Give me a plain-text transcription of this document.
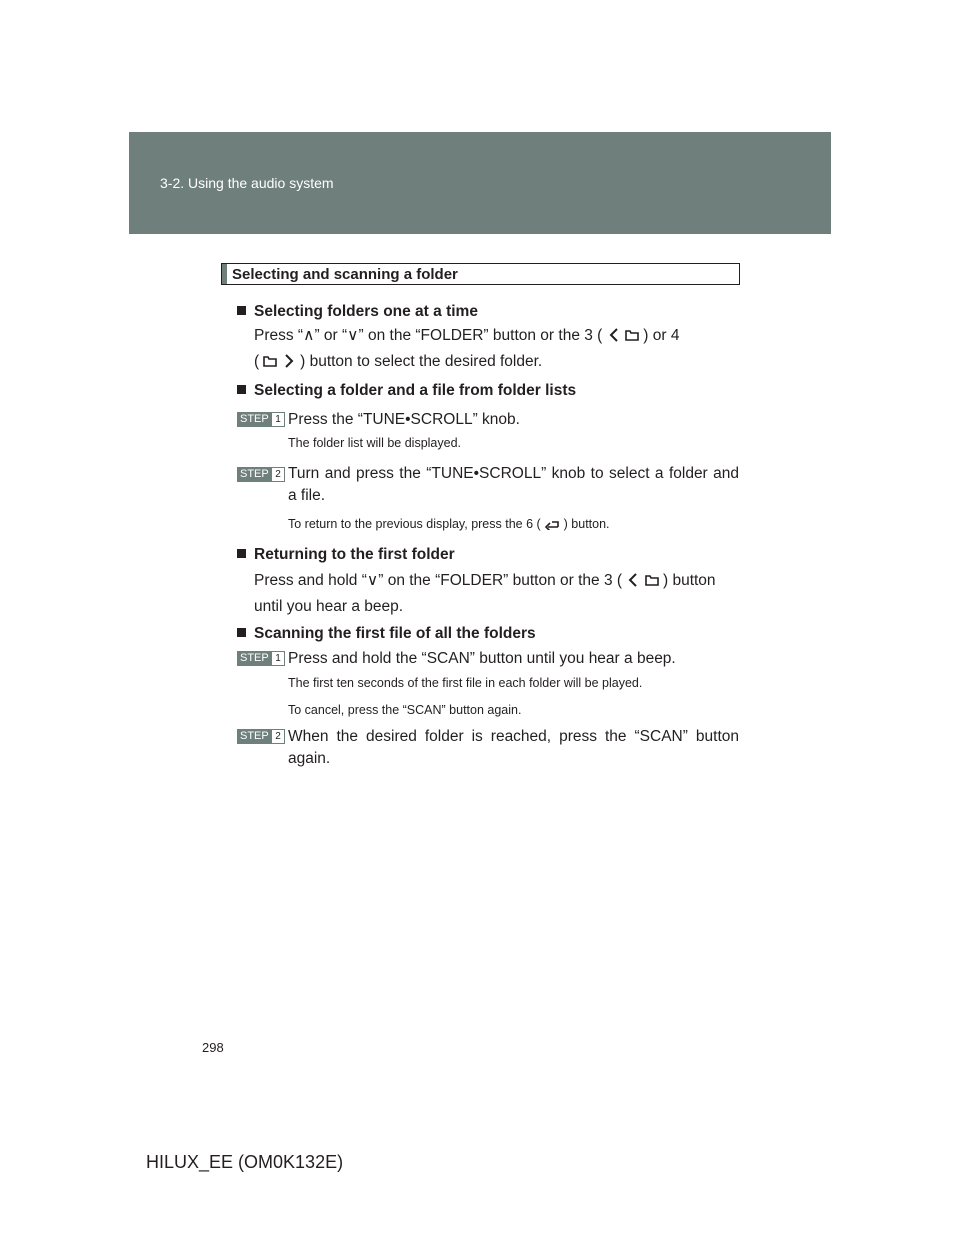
3-2. Using the audio system
Selecting and scanning a folder
Selecting folders one at a time
Press “∧” or “∨” on the “FOLDER” button or the 3 (	) or 4
(	) button to select the desired folder.
Selecting a folder and a file from folder lists
STEP 1 Press the “TUNE•SCROLL” knob.
The folder list will be displayed.
STEP 2 Turn and press the “TUNE•SCROLL” knob to select a folder and a file.
To return to the previous display, press the 6 ( ) button.
Returning to the first folder
Press and hold “∨” on the “FOLDER” button or the 3 (	) button
until you hear a beep.
Scanning the first file of all the folders
STEP 1 Press and hold the “SCAN” button until you hear a beep.
The first ten seconds of the first file in each folder will be played.
To cancel, press the “SCAN” button again.
STEP 2 When the desired folder is reached, press the “SCAN” button again.
298
HILUX_EE (OM0K132E)
